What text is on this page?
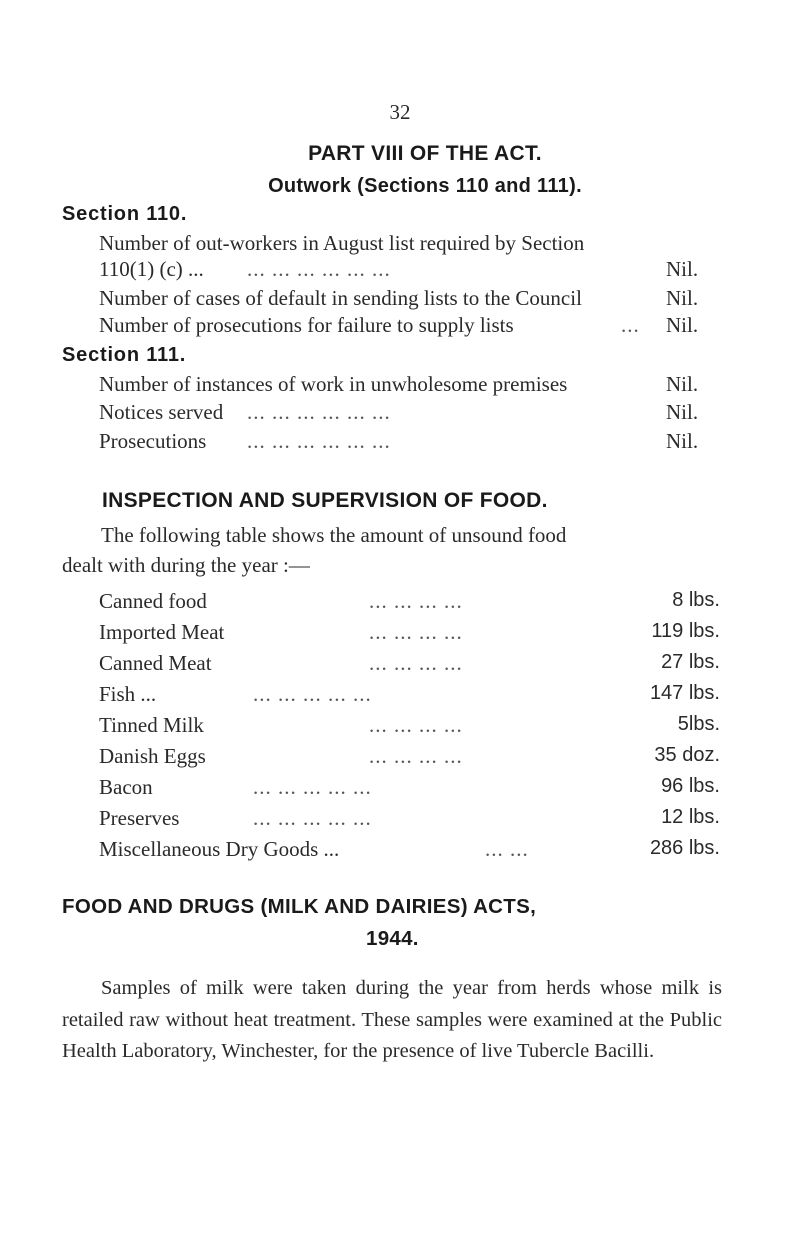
32
PART VIII OF THE ACT.
Outwork (Sections 110 and 111).
Section 110.
Number of out-workers in August list required by Section
110(1) (c) ... ... ... ... ... ... ...	Nil.
Number of cases of default in sending lists to the Council	Nil.
Number of prosecutions for failure to supply lists	... Nil.
Section 111.
Number of instances of work in unwholesome premises	Nil.
Notices served ... ... ... ... ... ...	Nil.
Prosecutions ... ... ... ... ... ...	Nil.
INSPECTION AND SUPERVISION OF FOOD.
The following table shows the amount of unsound food
dealt with during the year :—
Canned food	... ... ... ...	8 lbs.
Imported Meat	... ... ... ...	119 lbs.
Canned Meat	... ... ... ...	27 lbs.
Fish ...	... ... ... ... ...	147 lbs.
Tinned Milk	... ... ... ...	5lbs.
Danish Eggs	... ... ... ...	35 doz.
Bacon	... ... ... ... ...	96 lbs.
Preserves	... ... ... ... ...	12 lbs.
Miscellaneous Dry Goods ...	... ...	286 lbs.
FOOD AND DRUGS (MILK AND DAIRIES) ACTS,
1944.
Samples of milk were taken during the year from herds whose milk is retailed raw without heat treatment. These samples were examined at the Public Health Laboratory, Winchester, for the presence of live Tubercle Bacilli.
